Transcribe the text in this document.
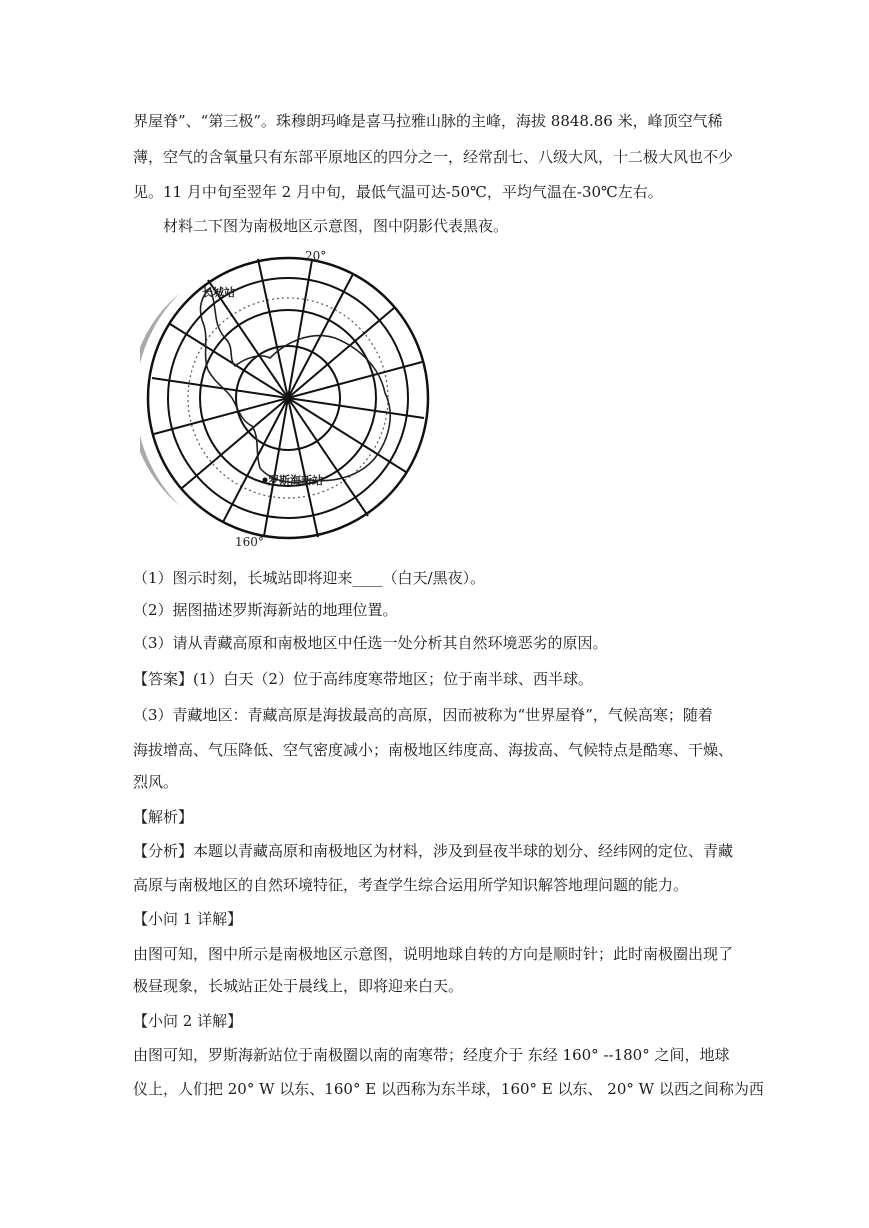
界屋脊”、“第三极”。珠穆朗玛峰是喜马拉雅山脉的主峰，海拔 8848.86 米，峰顶空气稀
薄，空气的含氧量只有东部平原地区的四分之一，经常刮七、八级大风，十二极大风也不少
见。11 月中旬至翌年 2 月中旬，最低气温可达-50℃，平均气温在-30℃左右。
材料二下图为南极地区示意图，图中阴影代表黑夜。
20°
160°
长城站
罗斯海新站
（1）图示时刻，长城站即将迎来____（白天/黑夜）。
（2）据图描述罗斯海新站的地理位置。
（3）请从青藏高原和南极地区中任选一处分析其自然环境恶劣的原因。
【答案】(1）白天（2）位于高纬度寒带地区；位于南半球、西半球。
（3）青藏地区：青藏高原是海拔最高的高原，因而被称为“世界屋脊”，气候高寒；随着
海拔增高、气压降低、空气密度减小；南极地区纬度高、海拔高、气候特点是酷寒、干燥、
烈风。
【解析】
【分析】本题以青藏高原和南极地区为材料，涉及到昼夜半球的划分、经纬网的定位、青藏
高原与南极地区的自然环境特征，考查学生综合运用所学知识解答地理问题的能力。
【小问 1 详解】
由图可知，图中所示是南极地区示意图，说明地球自转的方向是顺时针；此时南极圈出现了
极昼现象，长城站正处于晨线上，即将迎来白天。
【小问 2 详解】
由图可知，罗斯海新站位于南极圈以南的南寒带；经度介于 东经 160° --180° 之间，地球
仪上，人们把 20° W 以东、160° E 以西称为东半球，160° E 以东、 20° W 以西之间称为西
